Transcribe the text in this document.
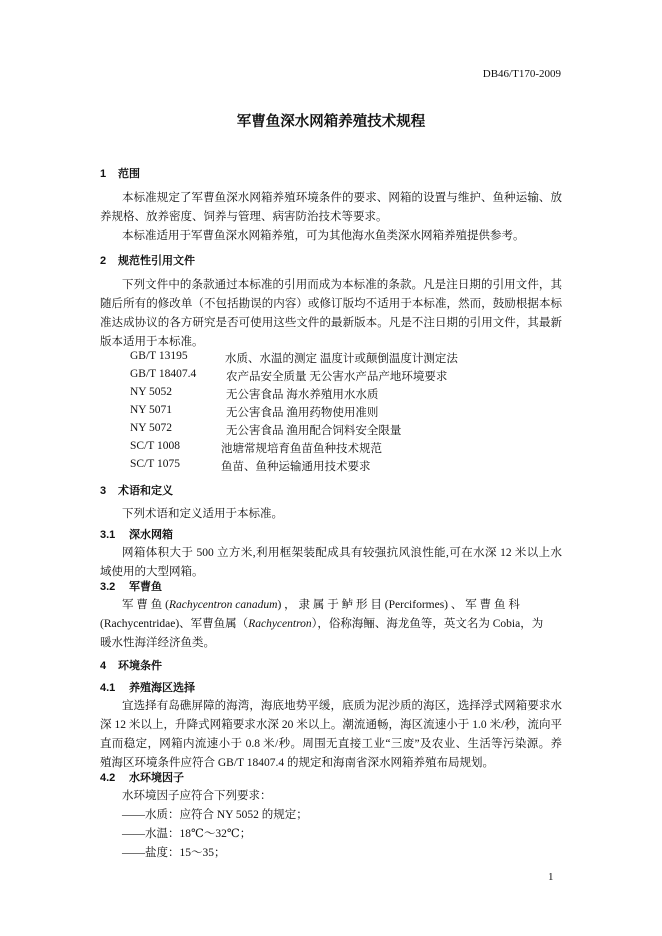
DB46/T170-2009
军曹鱼深水网箱养殖技术规程
1 范围
本标准规定了军曹鱼深水网箱养殖环境条件的要求、网箱的设置与维护、鱼种运输、放
养规格、放养密度、饲养与管理、病害防治技术等要求。
本标准适用于军曹鱼深水网箱养殖，可为其他海水鱼类深水网箱养殖提供参考。
2 规范性引用文件
下列文件中的条款通过本标准的引用而成为本标准的条款。凡是注日期的引用文件，其
随后所有的修改单（不包括勘误的内容）或修订版均不适用于本标准，然而，鼓励根据本标
准达成协议的各方研究是否可使用这些文件的最新版本。凡是不注日期的引用文件，其最新
版本适用于本标准。
GB/T 13195	水质、水温的测定 温度计或颠倒温度计测定法
GB/T 18407.4	农产品安全质量 无公害水产品产地环境要求
NY 5052	无公害食品 海水养殖用水水质
NY 5071	无公害食品 渔用药物使用准则
NY 5072	无公害食品 渔用配合饲料安全限量
SC/T 1008	池塘常规培育鱼苗鱼种技术规范
SC/T 1075	鱼苗、鱼种运输通用技术要求
3 术语和定义
下列术语和定义适用于本标准。
3.1 深水网箱
网箱体积大于 500 立方米,利用框架装配成具有较强抗风浪性能,可在水深 12 米以上水
域使用的大型网箱。
3.2 军曹鱼
军 曹 鱼 (Rachycentron canadum) ， 隶 属 于 鲈 形 目 (Perciformes) 、 军 曹 鱼 科
(Rachycentridae)、军曹鱼属（Rachycentron），俗称海鲡、海龙鱼等，英文名为 Cobia，为
暖水性海洋经济鱼类。
4 环境条件
4.1 养殖海区选择
宜选择有岛礁屏障的海湾，海底地势平缓，底质为泥沙质的海区，选择浮式网箱要求水
深 12 米以上，升降式网箱要求水深 20 米以上。潮流通畅，海区流速小于 1.0 米/秒，流向平
直而稳定，网箱内流速小于 0.8 米/秒。周围无直接工业“三废”及农业、生活等污染源。养
殖海区环境条件应符合 GB/T 18407.4 的规定和海南省深水网箱养殖布局规划。
4.2 水环境因子
水环境因子应符合下列要求：
——水质：应符合 NY 5052 的规定；
——水温：18℃～32℃；
——盐度：15～35；
1
